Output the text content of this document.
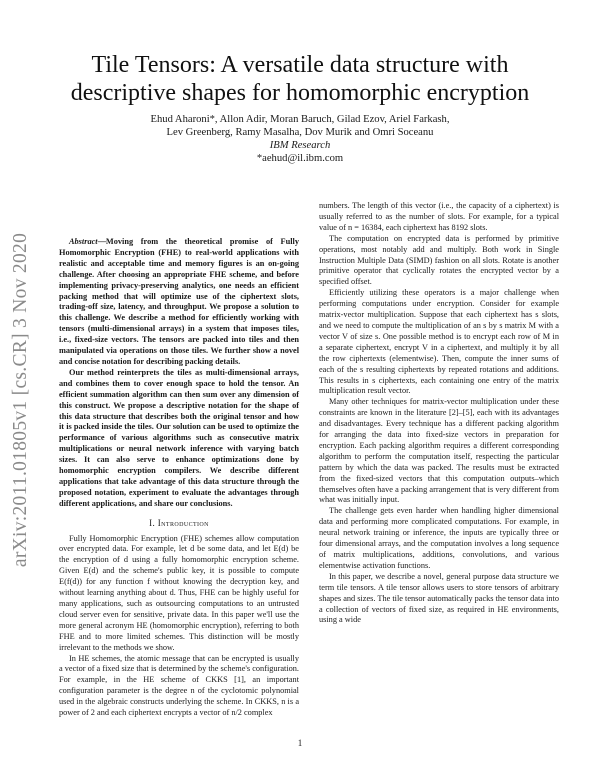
arXiv:2011.01805v1 [cs.CR] 3 Nov 2020
Tile Tensors: A versatile data structure with descriptive shapes for homomorphic encryption
Ehud Aharoni*, Allon Adir, Moran Baruch, Gilad Ezov, Ariel Farkash,
Lev Greenberg, Ramy Masalha, Dov Murik and Omri Soceanu
IBM Research
*aehud@il.ibm.com

Abstract—Moving from the theoretical promise of Fully Homomorphic Encryption (FHE) to real-world applications with realistic and acceptable time and memory figures is an on-going challenge. After choosing an appropriate FHE scheme, and before implementing privacy-preserving analytics, one needs an efficient packing method that will optimize use of the ciphertext slots, trading-off size, latency, and throughput. We propose a solution to this challenge. We describe a method for efficiently working with tensors (multi-dimensional arrays) in a system that imposes tiles, i.e., fixed-size vectors. The tensors are packed into tiles and then manipulated via operations on those tiles. We further show a novel and concise notation for describing packing details.

Our method reinterprets the tiles as multi-dimensional arrays, and combines them to cover enough space to hold the tensor. An efficient summation algorithm can then sum over any dimension of this construct. We propose a descriptive notation for the shape of this data structure that describes both the original tensor and how it is packed inside the tiles. Our solution can be used to optimize the performance of various algorithms such as consecutive matrix multiplications or neural network inference with varying batch sizes. It can also serve to enhance optimizations done by homomorphic encryption compilers. We describe different applications that take advantage of this data structure through the proposed notation, experiment to evaluate the advantages through different applications, and share our conclusions.

I. Introduction

Fully Homomorphic Encryption (FHE) schemes allow computation over encrypted data. For example, let d be some data, and let E(d) be the encryption of d using a fully homomorphic encryption scheme. Given E(d) and the scheme's public key, it is possible to compute E(f(d)) for any function f without knowing the decryption key, and without learning anything about d. Thus, FHE can be highly useful for many applications, such as outsourcing computations to an untrusted cloud server even for sensitive, private data. In this paper we'll use the more general acronym HE (homomorphic encryption), referring to both FHE and to more limited schemes. This distinction will be mostly irrelevant to the methods we show.

In HE schemes, the atomic message that can be encrypted is usually a vector of a fixed size that is determined by the scheme's configuration. For example, in the HE scheme of CKKS [1], an important configuration parameter is the degree n of the cyclotomic polynomial used in the algebraic constructs underlying the scheme. In CKKS, n is a power of 2 and each ciphertext encrypts a vector of n/2 complex

numbers. The length of this vector (i.e., the capacity of a ciphertext) is usually referred to as the number of slots. For example, for a typical value of n = 16384, each ciphertext has 8192 slots.

The computation on encrypted data is performed by primitive operations, most notably add and multiply. Both work in Single Instruction Multiple Data (SIMD) fashion on all slots. Rotate is another primitive operator that cyclically rotates the encrypted vector by a specified offset.

Efficiently utilizing these operators is a major challenge when performing computations under encryption. Consider for example matrix-vector multiplication. Suppose that each ciphertext has s slots, and we need to compute the multiplication of an s by s matrix M with a vector V of size s. One possible method is to encrypt each row of M in a separate ciphertext, encrypt V in a ciphertext, and multiply it by all the row ciphertexts (elementwise). Then, compute the inner sums of each of the s resulting ciphertexts by repeated rotations and additions. This results in s ciphertexts, each containing one entry of the matrix multiplication result vector.

Many other techniques for matrix-vector multiplication under these constraints are known in the literature [2]–[5], each with its advantages and disadvantages. Every technique has a different packing algorithm for arranging the data into fixed-size vectors in preparation for encryption. Each packing algorithm requires a different corresponding algorithm to perform the computation itself, respecting the particular pattern by which the data was packed. The results must be extracted from the fixed-sized vectors that this computation outputs–which themselves often have a packing arrangement that is very different from what was initially input.

The challenge gets even harder when handling higher dimensional data and performing more complicated computations. For example, in neural network training or inference, the inputs are typically three or four dimensional arrays, and the computation involves a long sequence of matrix multiplications, additions, convolutions, and various elementwise activation functions.

In this paper, we describe a novel, general purpose data structure we term tile tensors. A tile tensor allows users to store tensors of arbitrary shapes and sizes. The tile tensor automatically packs the tensor data into a collection of vectors of fixed size, as required in HE environments, using a wide

1
